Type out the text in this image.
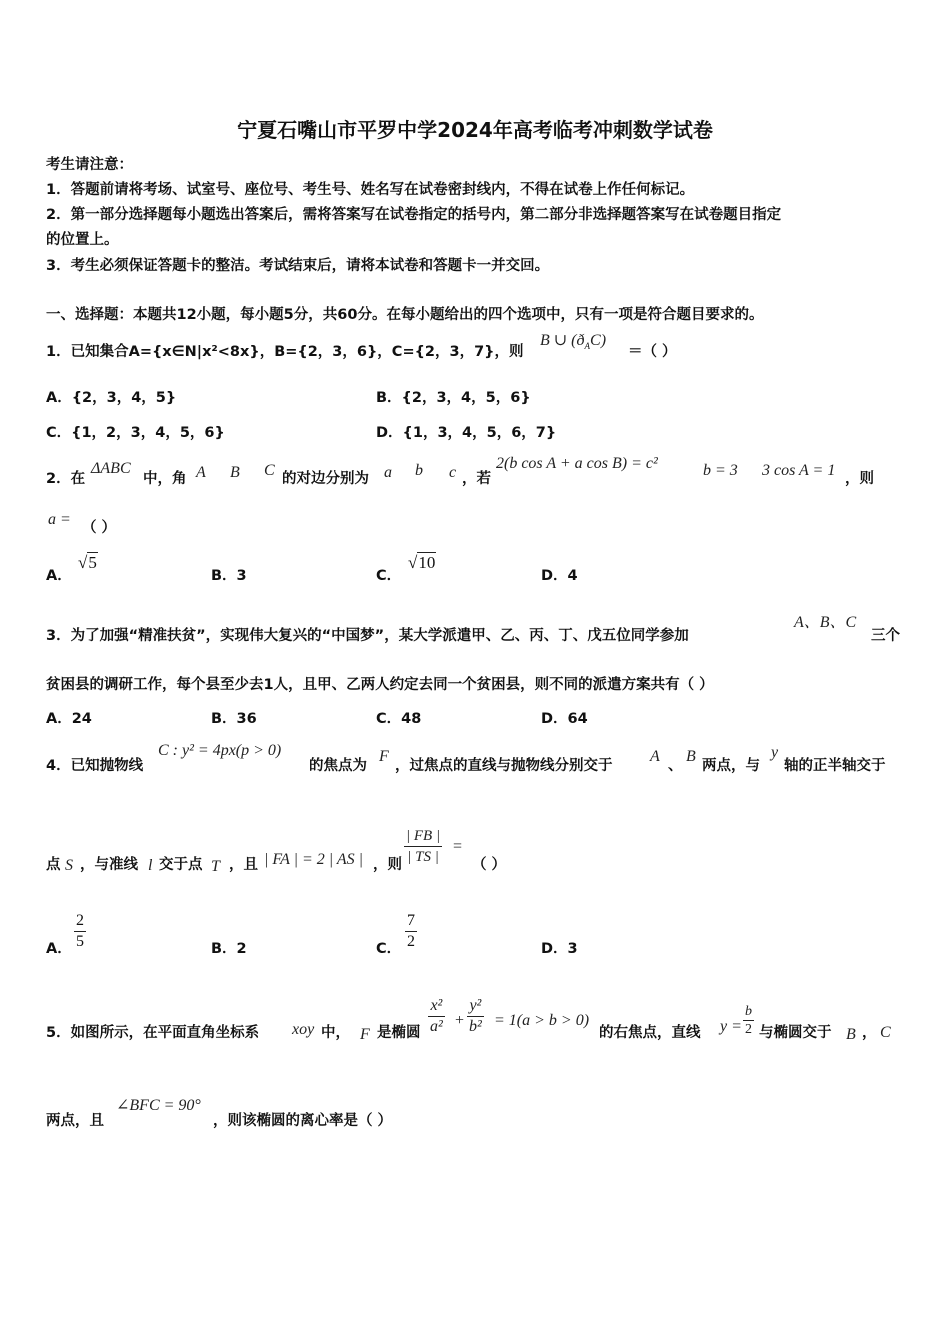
宁夏石嘴山市平罗中学2024年高考临考冲刺数学试卷
考生请注意：
1．答题前请将考场、试室号、座位号、考生号、姓名写在试卷密封线内，不得在试卷上作任何标记。
2．第一部分选择题每小题选出答案后，需将答案写在试卷指定的括号内，第二部分非选择题答案写在试卷题目指定
的位置上。
3．考生必须保证答题卡的整洁。考试结束后，请将本试卷和答题卡一并交回。
一、选择题：本题共12小题，每小题5分，共60分。在每小题给出的四个选项中，只有一项是符合题目要求的。
1．已知集合A={x∈N|x²<8x}，B={2，3，6}，C={2，3，7}，则
B ∪ $(ð_AC)$
＝（ ）
A．{2，3，4，5}	B．{2，3，4，5，6}
C．{1，2，3，4，5，6}	D．{1，3，4，5，6，7}
2．在
ΔABC
中，角 A B C 的对边分别为 a b c ，若
2(b cos A + a cos B) = c²	b = 3 3 cos A = 1 ，则
a = （ ）
A．
√5
B．3	C．
√10
D．4
3．为了加强“精准扶贫”，实现伟大复兴的“中国梦”，某大学派遣甲、乙、丙、丁、戊五位同学参加
A、B、C
三个
贫困县的调研工作，每个县至少去1人，且甲、乙两人约定去同一个贫困县，则不同的派遣方案共有（ ）
A．24	B．36	C．48	D．64
4．已知抛物线
C : y² = 4px(p > 0)
的焦点为
F
，过焦点的直线与抛物线分别交于
A
、
B
两点，与
y
轴的正半轴交于
点 S ，与准线 l 交于点 T ，且 | FA | = 2 | AS | ，则 $\frac{| FB |}{| TS |}$ =
（ ）
A． $\frac{2}{5}$	B．2	C． $\frac{7}{2}$	D．3
5．如图所示，在平面直角坐标系 xoy 中， F 是椭圆 $\frac{\text{x²}}{\text{a²}} + \frac{\text{y²}}{\text{b²}} = 1(a > b > 0)$
的右焦点，直线 $y = \frac{b}{2}$ 与椭圆交于 B ， C
两点，且
∠BFC = 90°
，则该椭圆的离心率是（ ）
